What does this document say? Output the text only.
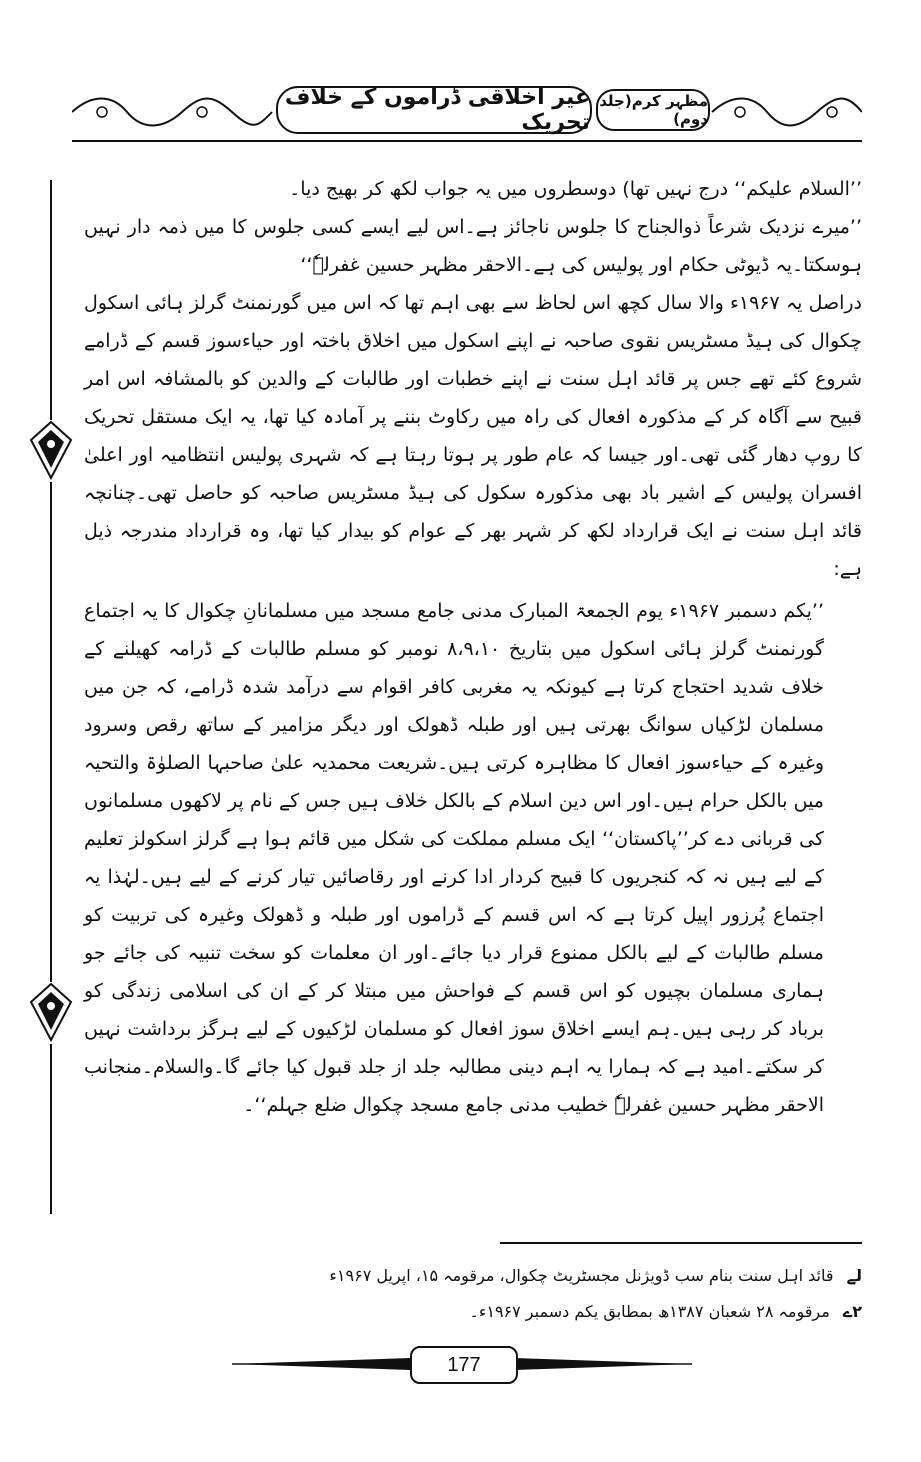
غیر اخلاقی ڈراموں کے خلاف تحریک
مظہر کرم(جلد دوم)

’’السلام علیکم‘‘ درج نہیں تھا) دوسطروں میں یہ جواب لکھ کر بھیج دیا۔

’’میرے نزدیک شرعاً ذوالجناح کا جلوس ناجائز ہے۔اس لیے ایسے کسی جلوس کا میں ذمہ دار نہیں ہوسکتا۔یہ ڈیوٹی حکام اور پولیس کی ہے۔الاحقر مظہر حسین غفرلہٗ‘‘

دراصل یہ ۱۹۶۷ء والا سال کچھ اس لحاظ سے بھی اہم تھا کہ اس میں گورنمنٹ گرلز ہائی اسکول چکوال کی ہیڈ مسٹریس نقوی صاحبہ نے اپنے اسکول میں اخلاق باختہ اور حیاءسوز قسم کے ڈرامے شروع کئے تھے جس پر قائد اہل سنت نے اپنے خطبات اور طالبات کے والدین کو بالمشافہ اس امر قبیح سے آگاہ کر کے مذکورہ افعال کی راہ میں رکاوٹ بننے پر آمادہ کیا تھا، یہ ایک مستقل تحریک کا روپ دھار گئی تھی۔اور جیسا کہ عام طور پر ہوتا رہتا ہے کہ شہری پولیس انتظامیہ اور اعلیٰ افسران پولیس کے اشیر باد بھی مذکورہ سکول کی ہیڈ مسٹریس صاحبہ کو حاصل تھی۔چنانچہ قائد اہل سنت نے ایک قرارداد لکھ کر شہر بھر کے عوام کو بیدار کیا تھا، وہ قرارداد مندرجہ ذیل ہے:

’’یکم دسمبر ۱۹۶۷ء یوم الجمعۃ المبارک مدنی جامع مسجد میں مسلمانانِ چکوال کا یہ اجتماع گورنمنٹ گرلز ہائی اسکول میں بتاریخ ۸،۹،۱۰ نومبر کو مسلم طالبات کے ڈرامہ کھیلنے کے خلاف شدید احتجاج کرتا ہے کیونکہ یہ مغربی کافر اقوام سے درآمد شدہ ڈرامے، کہ جن میں مسلمان لڑکیاں سوانگ بھرتی ہیں اور طبلہ ڈھولک اور دیگر مزامیر کے ساتھ رقص وسرود وغیرہ کے حیاءسوز افعال کا مظاہرہ کرتی ہیں۔شریعت محمدیہ علیٰ صاحبہا الصلوٰۃ والتحیہ میں بالکل حرام ہیں۔اور اس دین اسلام کے بالکل خلاف ہیں جس کے نام پر لاکھوں مسلمانوں کی قربانی دے کر’’پاکستان‘‘ ایک مسلم مملکت کی شکل میں قائم ہوا ہے گرلز اسکولز تعلیم کے لیے ہیں نہ کہ کنجریوں کا قبیح کردار ادا کرنے اور رقاصائیں تیار کرنے کے لیے ہیں۔لہٰذا یہ اجتماع پُرزور اپیل کرتا ہے کہ اس قسم کے ڈراموں اور طبلہ و ڈھولک وغیرہ کی تربیت کو مسلم طالبات کے لیے بالکل ممنوع قرار دیا جائے۔اور ان معلمات کو سخت تنبیہ کی جائے جو ہماری مسلمان بچیوں کو اس قسم کے فواحش میں مبتلا کر کے ان کی اسلامی زندگی کو برباد کر رہی ہیں۔ہم ایسے اخلاق سوز افعال کو مسلمان لڑکیوں کے لیے ہرگز برداشت نہیں کر سکتے۔امید ہے کہ ہمارا یہ اہم دینی مطالبہ جلد از جلد قبول کیا جائے گا۔والسلام۔منجانب الاحقر مظہر حسین غفرلہٗ خطیب مدنی جامع مسجد چکوال ضلع جہلم‘‘۔

لے قائد اہل سنت بنام سب ڈویژنل مجسٹریٹ چکوال، مرقومہ ۱۵، اپریل ۱۹۶۷ء

۲ے مرقومہ ۲۸ شعبان ۱۳۸۷ھ بمطابق یکم دسمبر ۱۹۶۷ء۔

177
